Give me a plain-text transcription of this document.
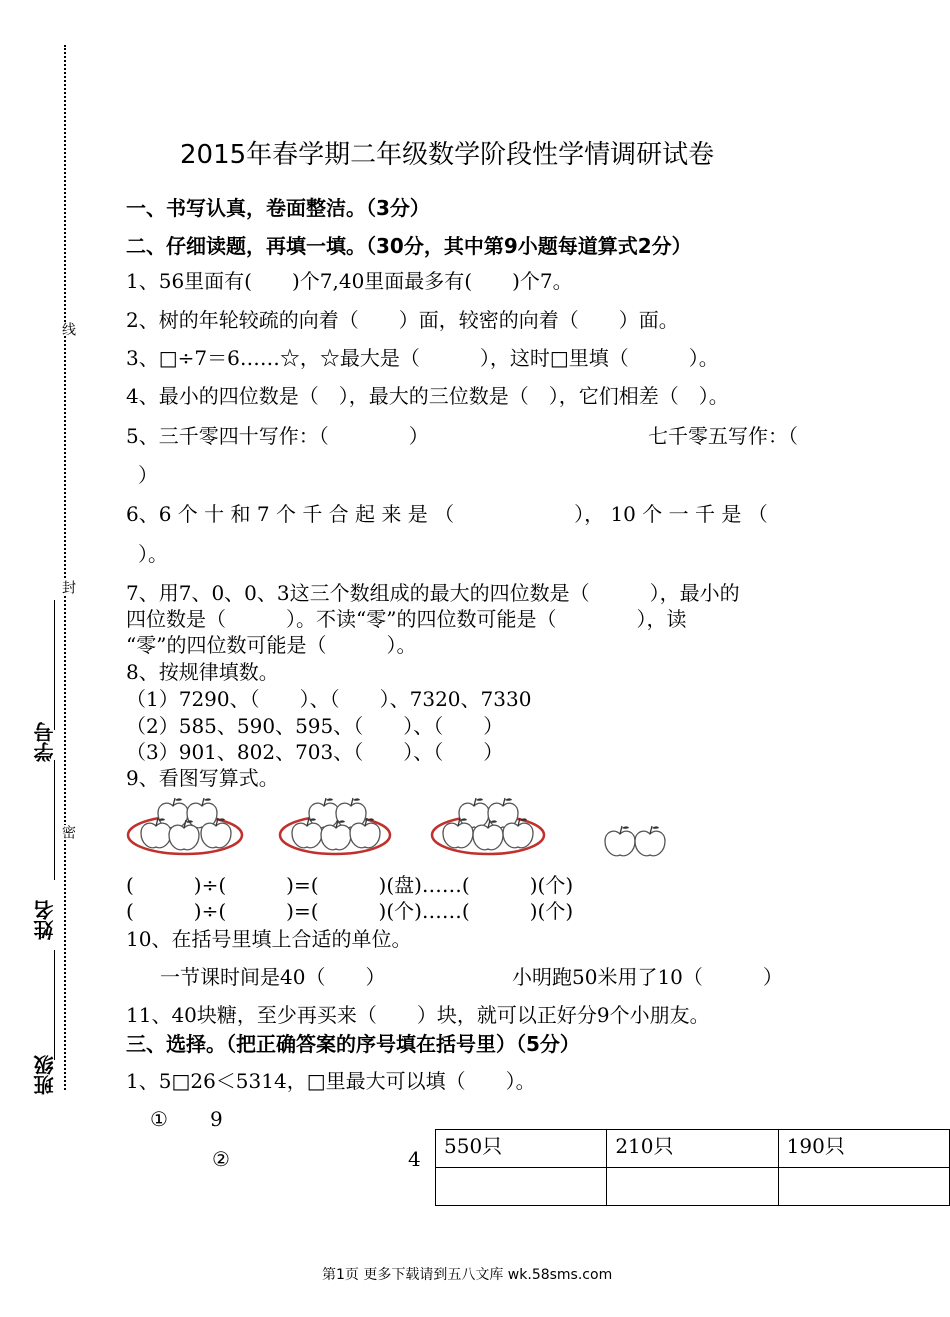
线
封
密
学号
姓名
班级
2015年春学期二年级数学阶段性学情调研试卷
一、书写认真，卷面整洁。（3分）
二、仔细读题，再填一填。（30分，其中第9小题每道算式2分）
1、56里面有(　　)个7,40里面最多有(　　)个7。
2、树的年轮较疏的向着（　　）面，较密的向着（　　）面。
3、□÷7＝6……☆，☆最大是（　　　），这时□里填（　　　）。
4、最小的四位数是（　），最大的三位数是（　），它们相差（　）。
5、三千零四十写作：（　　　　）	七千零五写作：（
）
6、6 个 十 和 7 个 千 合 起 来 是 （　　　　　　）， 10 个 一 千 是 （
）。
7、用7、0、0、3这三个数组成的最大的四位数是（　　　），最小的
四位数是（　　　）。不读“零”的四位数可能是（　　　　），读
“零”的四位数可能是（　　　）。
8、按规律填数。
（1）7290、（　　）、（　　）、7320、7330
（2）585、590、595、（　　）、（　　）
（3）901、802、703、（　　）、（　　）
9、看图写算式。
(　　　)÷(　　　)=(　　　)(盘)……(　　　)(个)
(　　　)÷(　　　)=(　　　)(个)……(　　　)(个)
10、在括号里填上合适的单位。
一节课时间是40（　　）	小明跑50米用了10（　　　）
11、40块糖，至少再买来（　　）块，就可以正好分9个小朋友。
三、选择。（把正确答案的序号填在括号里）（5分）
1、5□26＜5314，□里最大可以填（　　）。
① 9
②	4
550只	210只	190只

第1页 更多下载请到五八文库 wk.58sms.com
